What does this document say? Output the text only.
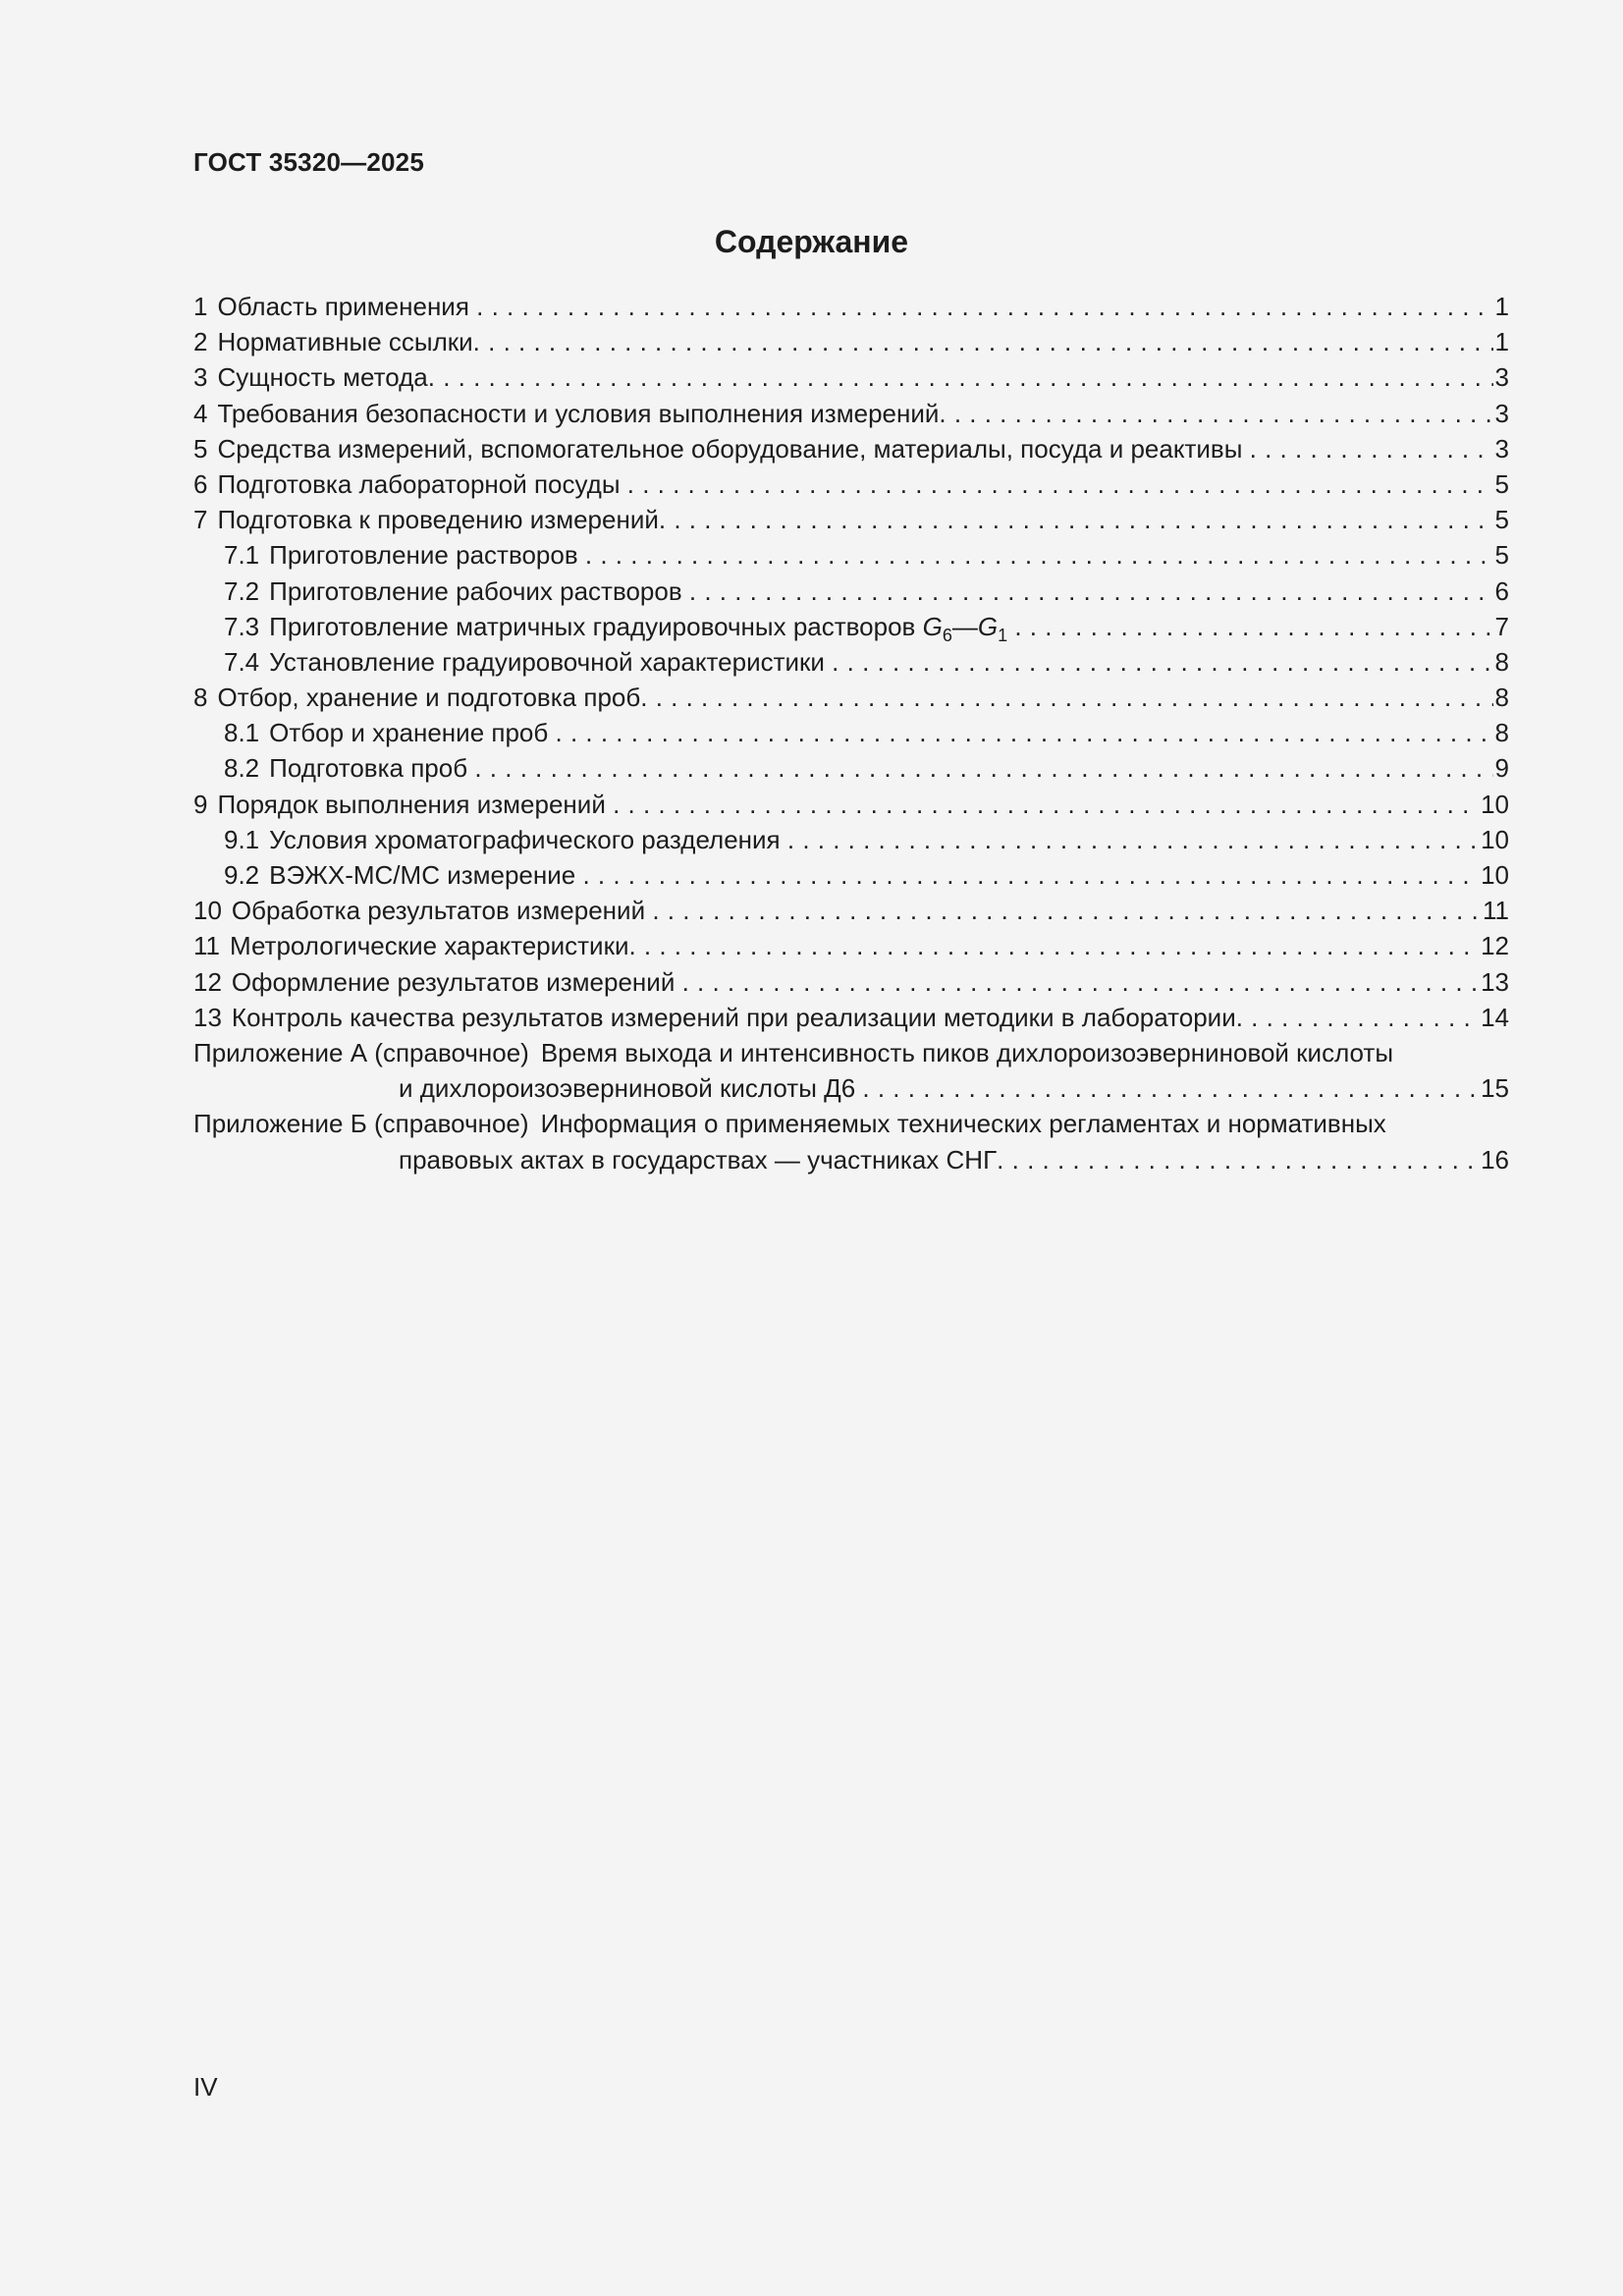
ГОСТ 35320—2025
Содержание
1 Область применения . . .	1
2 Нормативные ссылки . . .	1
3 Сущность метода . . .	3
4 Требования безопасности и условия выполнения измерений . . .	3
5 Средства измерений, вспомогательное оборудование, материалы, посуда и реактивы . . .	3
6 Подготовка лабораторной посуды . . .	5
7 Подготовка к проведению измерений . . .	5
7.1 Приготовление растворов . . .	5
7.2 Приготовление рабочих растворов . . .	6
7.3 Приготовление матричных градуировочных растворов $G_6—G_1$ . . .	7
7.4 Установление градуировочной характеристики . . .	8
8 Отбор, хранение и подготовка проб . . .	8
8.1 Отбор и хранение проб . . .	8
8.2 Подготовка проб . . .	9
9 Порядок выполнения измерений . . .	10
9.1 Условия хроматографического разделения . . .	10
9.2 ВЭЖХ-МС/МС измерение . . .	10
10 Обработка результатов измерений . . .	11
11 Метрологические характеристики . . .	12
12 Оформление результатов измерений . . .	13
13 Контроль качества результатов измерений при реализации методики в лаборатории . . .	14
Приложение А (справочное) Время выхода и интенсивность пиков дихлороизоэверниновой кислоты
и дихлороизоэверниновой кислоты Д6 . . .	15
Приложение Б (справочное) Информация о применяемых технических регламентах и нормативных
правовых актах в государствах — участниках СНГ . . .	16
IV
